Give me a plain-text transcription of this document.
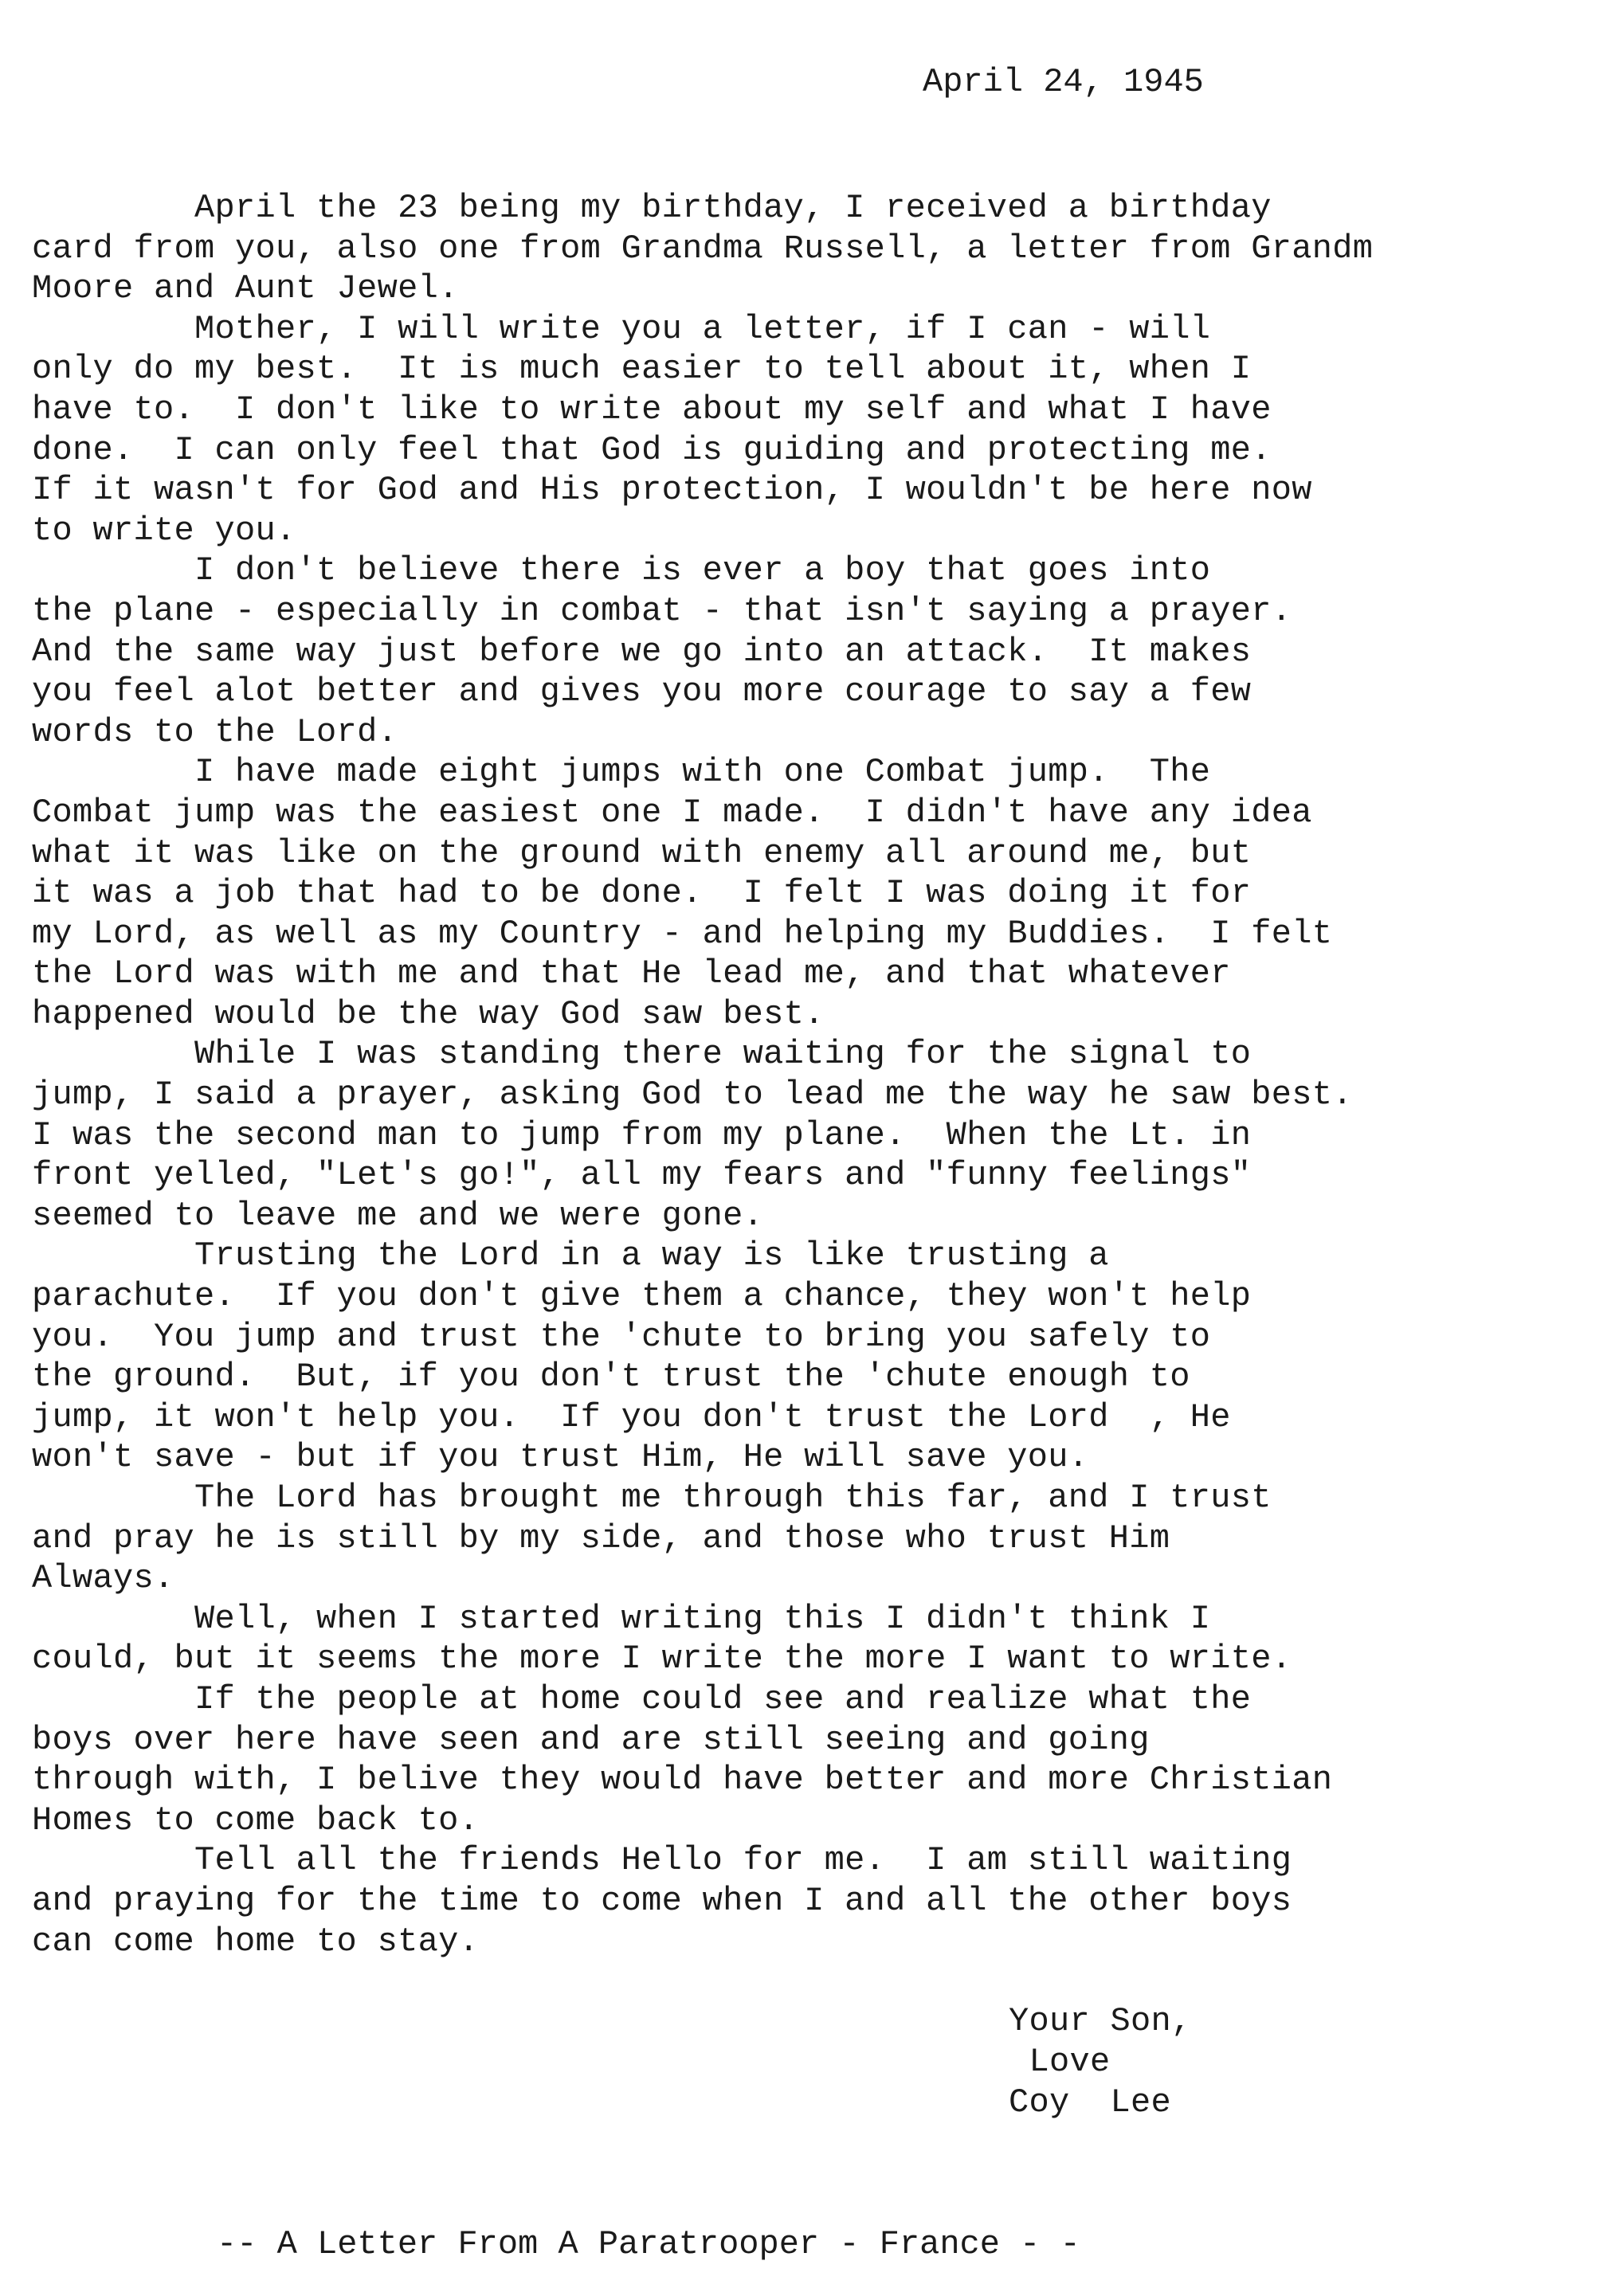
April 24, 1945
April the 23 being my birthday, I received a birthday
card from you, also one from Grandma Russell, a letter from Grandm
Moore and Aunt Jewel.
Mother, I will write you a letter, if I can - will
only do my best.  It is much easier to tell about it, when I
have to.  I don't like to write about my self and what I have
done.  I can only feel that God is guiding and protecting me.
If it wasn't for God and His protection, I wouldn't be here now
to write you.
I don't believe there is ever a boy that goes into
the plane - especially in combat - that isn't saying a prayer.
And the same way just before we go into an attack.  It makes
you feel alot better and gives you more courage to say a few
words to the Lord.
I have made eight jumps with one Combat jump.  The
Combat jump was the easiest one I made.  I didn't have any idea
what it was like on the ground with enemy all around me, but
it was a job that had to be done.  I felt I was doing it for
my Lord, as well as my Country - and helping my Buddies.  I felt
the Lord was with me and that He lead me, and that whatever
happened would be the way God saw best.
While I was standing there waiting for the signal to
jump, I said a prayer, asking God to lead me the way he saw best.
I was the second man to jump from my plane.  When the Lt. in
front yelled, "Let's go!", all my fears and "funny feelings"
seemed to leave me and we were gone.
Trusting the Lord in a way is like trusting a
parachute.  If you don't give them a chance, they won't help
you.  You jump and trust the 'chute to bring you safely to
the ground.  But, if you don't trust the 'chute enough to
jump, it won't help you.  If you don't trust the Lord  , He
won't save - but if you trust Him, He will save you.
The Lord has brought me through this far, and I trust
and pray he is still by my side, and those who trust Him
Always.
Well, when I started writing this I didn't think I
could, but it seems the more I write the more I want to write.
If the people at home could see and realize what the
boys over here have seen and are still seeing and going
through with, I belive they would have better and more Christian
Homes to come back to.
Tell all the friends Hello for me.  I am still waiting
and praying for the time to come when I and all the other boys
can come home to stay.
Your Son,
Love
Coy  Lee
-- A Letter From A Paratrooper - France - -
